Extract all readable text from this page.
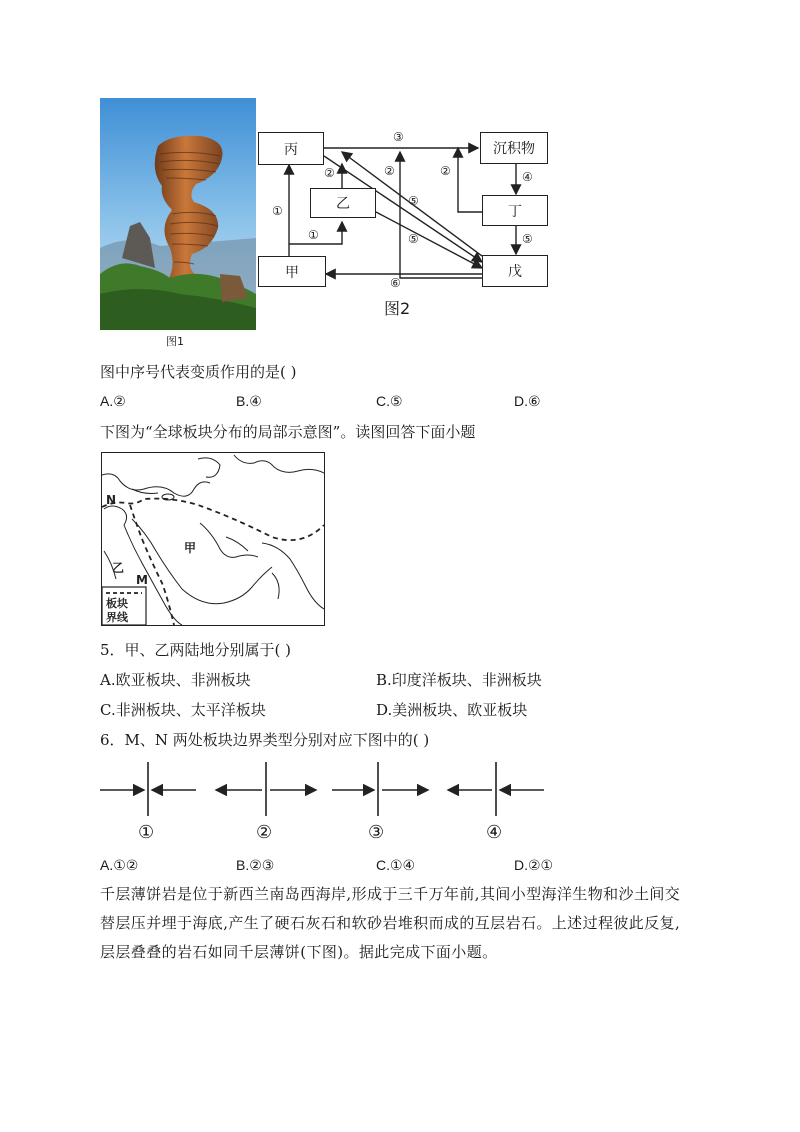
图1
丙
乙
甲
沉积物
丁
戊
①
①
③
②	②	②
⑤
⑤
④
⑤
⑥
图2
图中序号代表变质作用的是( )
A.②	B.④	C.⑤	D.⑥
下图为“全球板块分布的局部示意图”。读图回答下面小题
N
甲
乙
M
板块
界线
5．甲、乙两陆地分别属于( )
A.欧亚板块、非洲板块	B.印度洋板块、非洲板块
C.非洲板块、太平洋板块	D.美洲板块、欧亚板块
6．M、N 两处板块边界类型分别对应下图中的( )
①	②	③	④
A.①②	B.②③	C.①④	D.②①
千层薄饼岩是位于新西兰南岛西海岸,形成于三千万年前,其间小型海洋生物和沙土间交
替层压并埋于海底,产生了硬石灰石和软砂岩堆积而成的互层岩石。上述过程彼此反复,
层层叠叠的岩石如同千层薄饼(下图)。据此完成下面小题。
